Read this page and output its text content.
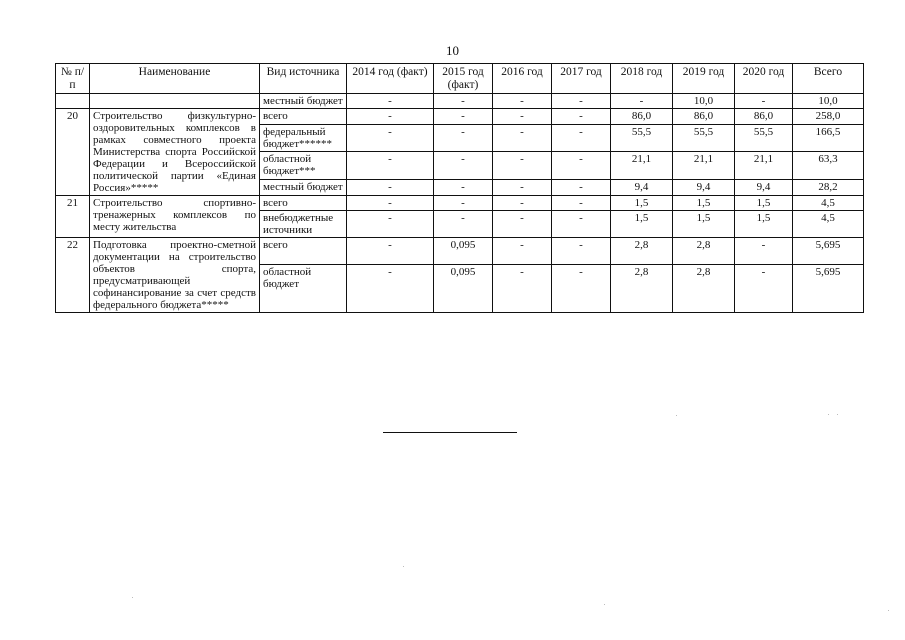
10
№ п/п	Наименование	Вид источника	2014 год (факт)	2015 год (факт)	2016 год	2017 год	2018 год	2019 год	2020 год	Всего
		местный бюджет	-	-	-	-	-	10,0	-	10,0
20	Строительство физкультурно-оздоровительных комплексов в рамках совместного проекта Министерства спорта Российской Федерации и Всероссийской политической партии «Единая Россия»*****	всего	-	-	-	-	86,0	86,0	86,0	258,0
		федеральный бюджет******	-	-	-	-	55,5	55,5	55,5	166,5
		областной бюджет***	-	-	-	-	21,1	21,1	21,1	63,3
		местный бюджет	-	-	-	-	9,4	9,4	9,4	28,2
21	Строительство спортивно-тренажерных комплексов по месту жительства	всего	-	-	-	-	1,5	1,5	1,5	4,5
		внебюджетные источники	-	-	-	-	1,5	1,5	1,5	4,5
22	Подготовка проектно-сметной документации на строительство объектов спорта, предусматривающей софинансирование за счет средств федерального бюджета*****	всего	-	0,095	-	-	2,8	2,8	-	5,695
		областной бюджет	-	0,095	-	-	2,8	2,8	-	5,695
